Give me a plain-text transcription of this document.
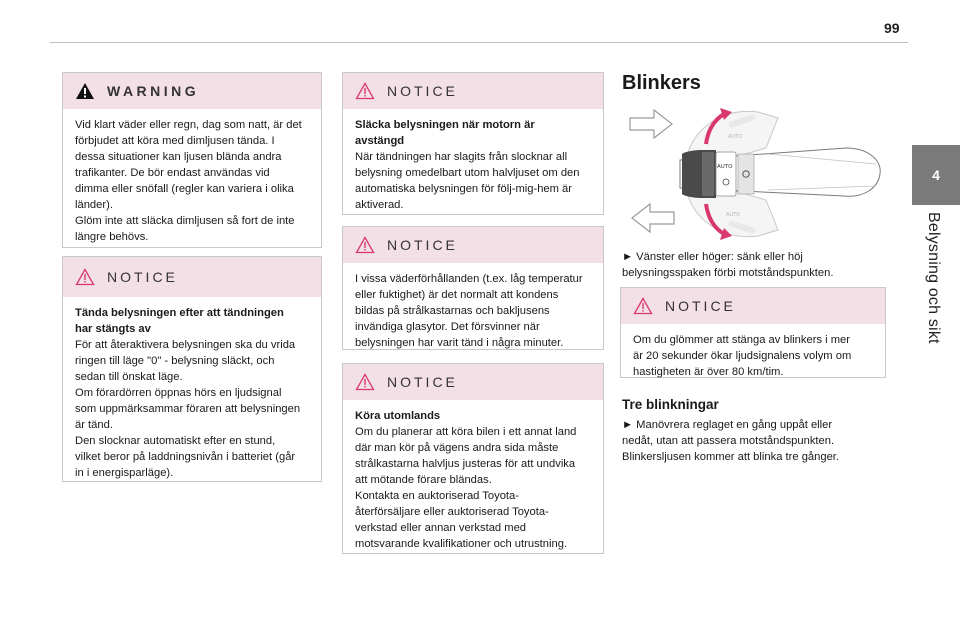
99
4
Belysning och sikt
WARNING

Vid klart väder eller regn, dag som natt, är det

förbjudet att köra med dimljusen tända. I

dessa situationer kan ljusen blända andra

trafikanter. De bör endast användas vid

dimma eller snöfall (regler kan variera i olika

länder).

Glöm inte att släcka dimljusen så fort de inte

längre behövs.

NOTICE

Tända belysningen efter att tändningen

har stängts av

För att återaktivera belysningen ska du vrida

ringen till läge "0" - belysning släckt, och

sedan till önskat läge.

Om förardörren öppnas hörs en ljudsignal

som uppmärksammar föraren att belysningen

är tänd.

Den slocknar automatiskt efter en stund,

vilket beror på laddningsnivån i batteriet (går

in i energisparläge).

NOTICE

Släcka belysningen när motorn är

avstängd

När tändningen har slagits från slocknar all

belysning omedelbart utom halvljuset om den

automatiska belysningen för följ-mig-hem är

aktiverad.

NOTICE

I vissa väderförhållanden (t.ex. låg temperatur

eller fuktighet) är det normalt att kondens

bildas på strålkastarnas och bakljusens

invändiga glasytor. Det försvinner när

belysningen har varit tänd i några minuter.

NOTICE

Köra utomlands

Om du planerar att köra bilen i ett annat land

där man kör på vägens andra sida måste

strålkastarna halvljus justeras för att undvika

att mötande förare bländas.

Kontakta en auktoriserad Toyota-

återförsäljare eller auktoriserad Toyota-

verkstad eller annan verkstad med

motsvarande kvalifikationer och utrustning.

Blinkers
AUTO
AUTO
AUTO
► Vänster eller höger: sänk eller höj
belysningsspaken förbi motståndspunkten.
NOTICE

Om du glömmer att stänga av blinkers i mer

är 20 sekunder ökar ljudsignalens volym om

hastigheten är över 80 km/tim.

Tre blinkningar
► Manövrera reglaget en gång uppåt eller
nedåt, utan att passera motståndspunkten.
Blinkersljusen kommer att blinka tre gånger.
